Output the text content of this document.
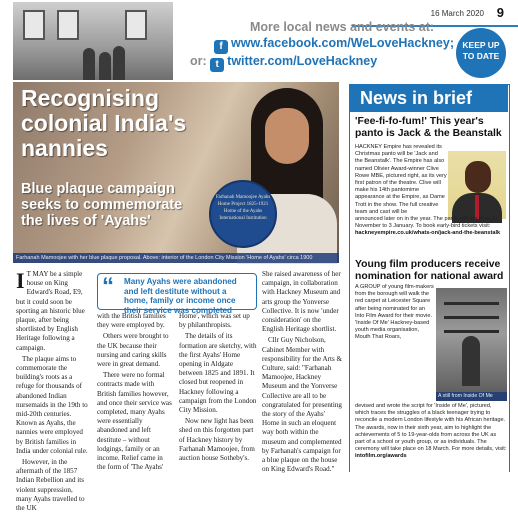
16 March 2020 9
More local news and events at:
f www.facebook.com/WeLoveHackney;
or: t twitter.com/LoveHackney
KEEP UP
TO DATE
Farhanah Mamoojee Ayahs Home Project 1825-1921 Home of the Ayahs International Institution
Recognising
colonial India's
nannies
Blue plaque campaign
seeks to commemorate
the lives of 'Ayahs'
Farhanah Mamoojee with her blue plaque proposal. Above: interior of the London City Mission 'Home of Ayahs' circa 1900

I T MAY be a simple house on King Edward's Road, E9, but it could soon be sporting an historic blue plaque, after being shortlisted by English Heritage following a campaign.

The plaque aims to commemorate the building's roots as a refuge for thousands of abandoned Indian nursemaids in the 19th to mid-20th centuries. Known as Ayahs, the nannies were employed by British families in India under colonial rule.

However, in the aftermath of the 1857 Indian Rebellion and its violent suppression, many Ayahs travelled to the UK

“ Many Ayahs were abandoned and left destitute without a home, family or income once their service was completed

with the British families they were employed by.

Others were brought to the UK because their nursing and caring skills were in great demand.

There were no formal contracts made with British families however, and once their service was completed, many Ayahs were essentially abandoned and left destitute – without lodgings, family or an income. Relief came in the form of 'The Ayahs'

Home', which was set up by philanthropists.

The details of its formation are sketchy, with the first Ayahs' Home opening in Aldgate between 1825 and 1891. It closed but reopened in Hackney following a campaign from the London City Mission.

Now new light has been shed on this forgotten part of Hackney history by Farhanah Mamoojee, from auction house Sotheby's.

She raised awareness of her campaign, in collaboration with Hackney Museum and arts group the Yonverse Collective. It is now 'under consideration' on the English Heritage shortlist.

Cllr Guy Nicholson, Cabinet Member with responsibility for the Arts & Culture, said: "Farhanah Mamoojee, Hackney Museum and the Yonverse Collective are all to be congratulated for presenting the story of the Ayahs' Home in such an eloquent way both within the museum and complemented by Farhanah's campaign for a blue plaque on the house on King Edward's Road."

News in brief
'Fee-fi-fo-fum!' This year's panto is Jack & the Beanstalk
HACKNEY Empire has revealed its Christmas panto will be 'Jack and the Beanstalk'. The Empire has also named Olivier Award-winner Clive Rowe MBE, pictured right, as its very first patron of the theatre. Clive will make his 14th pantomime appearance at the Empire, as Dame Trott in the show. The full creative team and cast will be
announced later on in the year. The panto will run from 21 November to 3 January. To book early-bird tickets visit: hackneyempire.co.uk/whats-on/jack-and-the-beanstalk
Young film producers receive nomination for national award
A GROUP of young film-makers from the borough will walk the red carpet at Leicester Square after being nominated for an Into Film Award for their movie. 'Inside Of Me' Hackney-based youth media organisation, Mouth That Roars,
A still from Inside Of Me
devised and wrote the script for 'Inside of Me', pictured, which traces the struggles of a black teenager trying to reconcile a modern London lifestyle with his African heritage. The awards, now in their sixth year, aim to highlight the achievements of 5 to 19-year-olds from across the UK as part of a school or youth group, or as individuals. The ceremony will take place on 18 March. For more details, visit: intofilm.org/awards
